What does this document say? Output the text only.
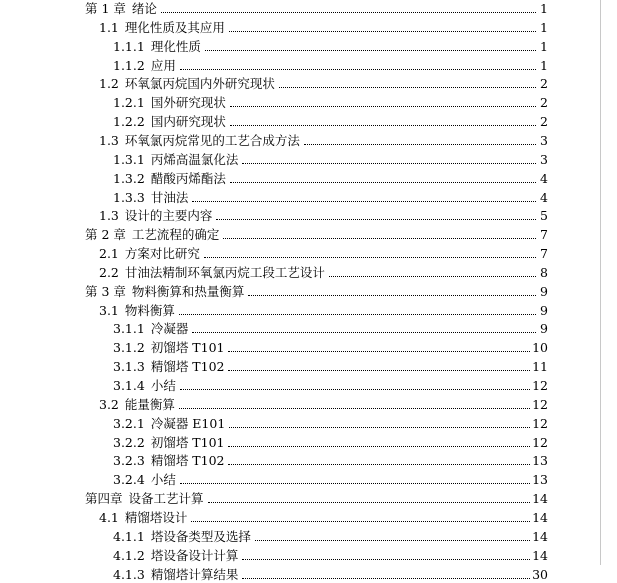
第 1 章 绪论	1
1.1 理化性质及其应用	1
1.1.1 理化性质	1
1.1.2 应用	1
1.2 环氧氯丙烷国内外研究现状	2
1.2.1 国外研究现状	2
1.2.2 国内研究现状	2
1.3 环氧氯丙烷常见的工艺合成方法	3
1.3.1 丙烯高温氯化法	3
1.3.2 醋酸丙烯酯法	4
1.3.3 甘油法	4
1.3 设计的主要内容	5
第 2 章 工艺流程的确定	7
2.1 方案对比研究	7
2.2 甘油法精制环氧氯丙烷工段工艺设计	8
第 3 章 物料衡算和热量衡算	9
3.1 物料衡算	9
3.1.1 冷凝器	9
3.1.2 初馏塔 T101	10
3.1.3 精馏塔 T102	11
3.1.4 小结	12
3.2 能量衡算	12
3.2.1 冷凝器 E101	12
3.2.2 初馏塔 T101	12
3.2.3 精馏塔 T102	13
3.2.4 小结	13
第四章 设备工艺计算	14
4.1 精馏塔设计	14
4.1.1 塔设备类型及选择	14
4.1.2 塔设备设计计算	14
4.1.3 精馏塔计算结果	30
